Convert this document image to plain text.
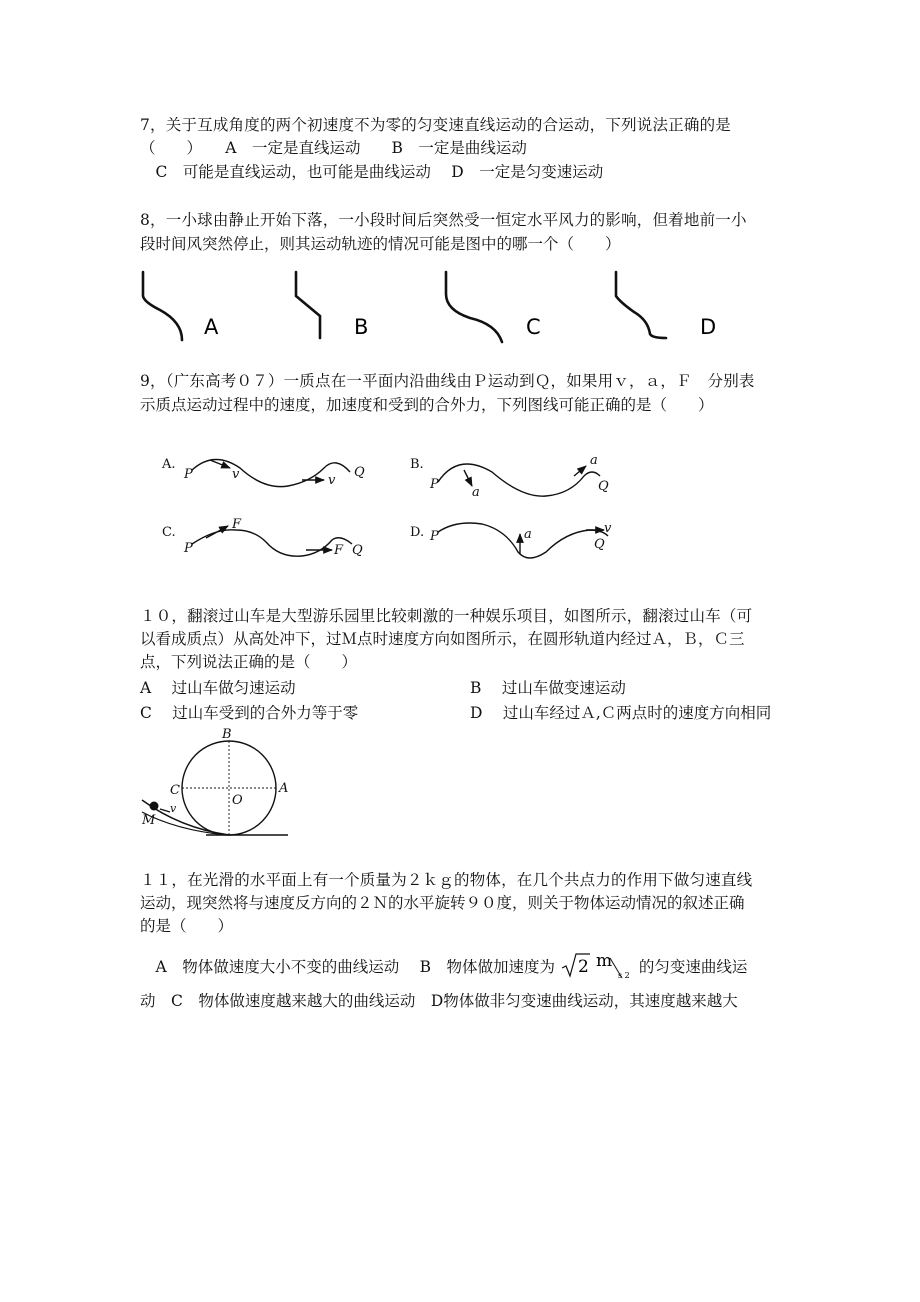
7，关于互成角度的两个初速度不为零的匀变速直线运动的合运动，下列说法正确的是
（　　）　　A　一定是直线运动　　B　一定是曲线运动
　C　可能是直线运动，也可能是曲线运动　 D　一定是匀变速运动
8，一小球由静止开始下落，一小段时间后突然受一恒定水平风力的影响，但着地前一小
段时间风突然停止，则其运动轨迹的情况可能是图中的哪一个（　　）
A	B	C	D
9，（广东高考０７）一质点在一平面内沿曲线由Ｐ运动到Ｑ，如果用ｖ，ａ，Ｆ　分别表
示质点运动过程中的速度，加速度和受到的合外力，下列图线可能正确的是（　　）
A.
P	v	v
Q
B.
P
a
a
Q
C.
P
F
F Q
D. P	a	v
Q
１０，翻滚过山车是大型游乐园里比较刺激的一种娱乐项目，如图所示，翻滚过山车（可
以看成质点）从高处冲下，过Ｍ点时速度方向如图所示，在圆形轨道内经过Ａ，Ｂ，Ｃ三
点，下列说法正确的是（　　）
A　 过山车做匀速运动	B　 过山车做变速运动
C　 过山车受到的合外力等于零	D　 过山车经过Ａ,Ｃ两点时的速度方向相同
B
C
O
A
M
v
１１，在光滑的水平面上有一个质量为２ｋｇ的物体，在几个共点力的作用下做匀速直线
运动，现突然将与速度反方向的２Ｎ的水平旋转９０度，则关于物体运动情况的叙述正确
的是（　　）
　A　物体做速度大小不变的曲线运动　 B　物体做加速度为 2 m
s 2 的匀变速曲线运
动　C　物体做速度越来越大的曲线运动　D物体做非匀变速曲线运动，其速度越来越大
